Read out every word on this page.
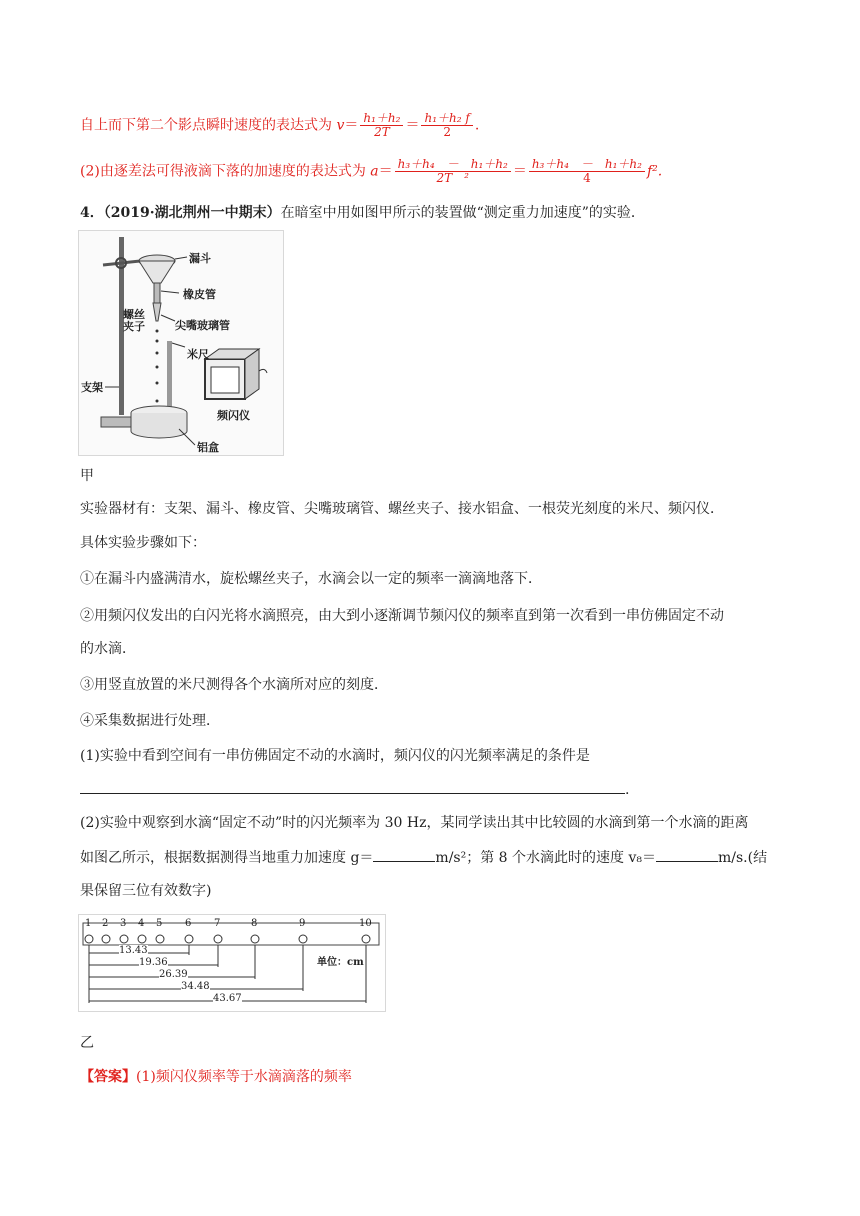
自上而下第二个影点瞬时速度的表达式为 $v= \frac{\text{h₁＋h₂}}{2T} = \frac{\text{h₁＋h₂ f}}{2}$ .
(2)由逐差法可得液滴下落的加速度的表达式为 $a= \frac{\text{h₃＋h₄　－　h₁＋h₂}}{\text{2T　²}} = \frac{\text{h₃＋h₄　－　h₁＋h₂}}{4} f^2$.
4．（2019·湖北荆州一中期末）在暗室中用如图甲所示的装置做“测定重力加速度”的实验．
漏斗
橡皮管
螺丝夹子	尖嘴玻璃管
米尺
支架
频闪仪
铝盒
甲
实验器材有：支架、漏斗、橡皮管、尖嘴玻璃管、螺丝夹子、接水铝盒、一根荧光刻度的米尺、频闪仪．
具体实验步骤如下：
①在漏斗内盛满清水，旋松螺丝夹子，水滴会以一定的频率一滴滴地落下．
②用频闪仪发出的白闪光将水滴照亮，由大到小逐渐调节频闪仪的频率直到第一次看到一串仿佛固定不动
的水滴．
③用竖直放置的米尺测得各个水滴所对应的刻度．
④采集数据进行处理．
(1)实验中看到空间有一串仿佛固定不动的水滴时，频闪仪的闪光频率满足的条件是
.
(2)实验中观察到水滴“固定不动”时的闪光频率为 30 Hz，某同学读出其中比较圆的水滴到第一个水滴的距离
如图乙所示，根据数据测得当地重力加速度 g＝	m/s²；第 8 个水滴此时的速度 v₈＝	m/s.(结
果保留三位有效数字)
1 2 3 4 5 6 7	8	9	10
13.43
19.36
26.39
34.48
43.67
单位：cm
乙
【答案】(1)频闪仪频率等于水滴滴落的频率
